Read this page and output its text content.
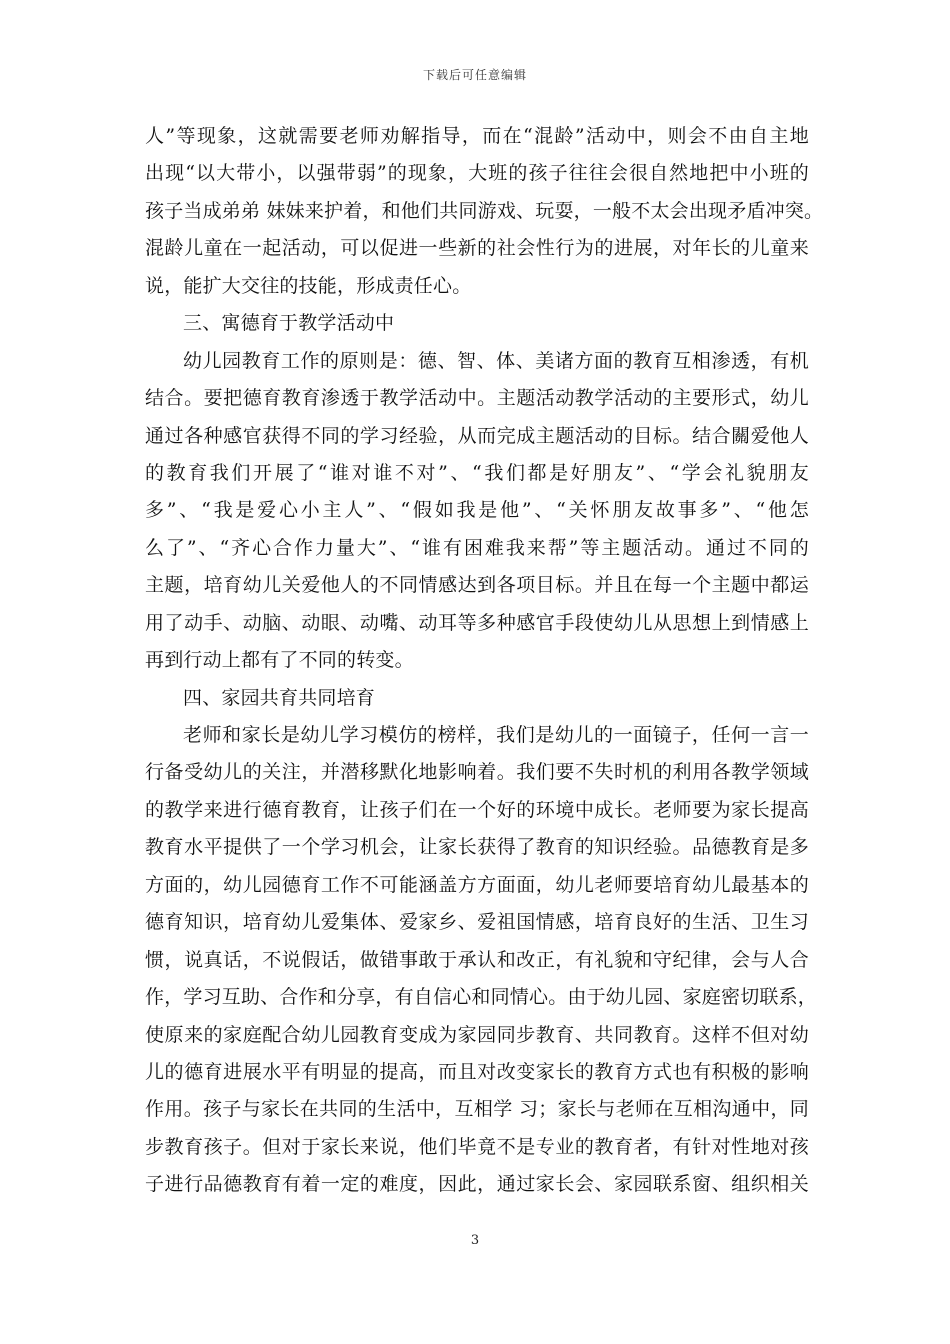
下载后可任意编辑
人”等现象，这就需要老师劝解指导，而在“混龄”活动中，则会不由自主地
出现“以大带小，以强带弱”的现象，大班的孩子往往会很自然地把中小班的
孩子当成弟弟 妹妹来护着，和他们共同游戏、玩耍，一般不太会出现矛盾冲突。
混龄儿童在一起活动，可以促进一些新的社会性行为的进展，对年长的儿童来
说，能扩大交往的技能，形成责任心。
三、寓德育于教学活动中
幼儿园教育工作的原则是：德、智、体、美诸方面的教育互相渗透，有机
结合。要把德育教育渗透于教学活动中。主题活动教学活动的主要形式，幼儿
通过各种感官获得不同的学习经验，从而完成主题活动的目标。结合關爱他人
的教育我们开展了“谁对谁不对”、“我们都是好朋友”、“学会礼貌朋友
多”、“我是爱心小主人”、“假如我是他”、“关怀朋友故事多”、“他怎
么了”、“齐心合作力量大”、“谁有困难我来帮”等主题活动。通过不同的
主题，培育幼儿关爱他人的不同情感达到各项目标。并且在每一个主题中都运
用了动手、动脑、动眼、动嘴、动耳等多种感官手段使幼儿从思想上到情感上
再到行动上都有了不同的转变。
四、家园共育共同培育
老师和家长是幼儿学习模仿的榜样，我们是幼儿的一面镜子，任何一言一
行备受幼儿的关注，并潜移默化地影响着。我们要不失时机的利用各教学领域
的教学来进行德育教育，让孩子们在一个好的环境中成长。老师要为家长提高
教育水平提供了一个学习机会，让家长获得了教育的知识经验。品德教育是多
方面的，幼儿园德育工作不可能涵盖方方面面，幼儿老师要培育幼儿最基本的
德育知识，培育幼儿爱集体、爱家乡、爱祖国情感，培育良好的生活、卫生习
惯，说真话，不说假话，做错事敢于承认和改正，有礼貌和守纪律，会与人合
作，学习互助、合作和分享，有自信心和同情心。由于幼儿园、家庭密切联系，
使原来的家庭配合幼儿园教育变成为家园同步教育、共同教育。这样不但对幼
儿的德育进展水平有明显的提高，而且对改变家长的教育方式也有积极的影响
作用。孩子与家长在共同的生活中，互相学 习；家长与老师在互相沟通中，同
步教育孩子。但对于家长来说，他们毕竟不是专业的教育者，有针对性地对孩
子进行品德教育有着一定的难度，因此，通过家长会、家园联系窗、组织相关
3
